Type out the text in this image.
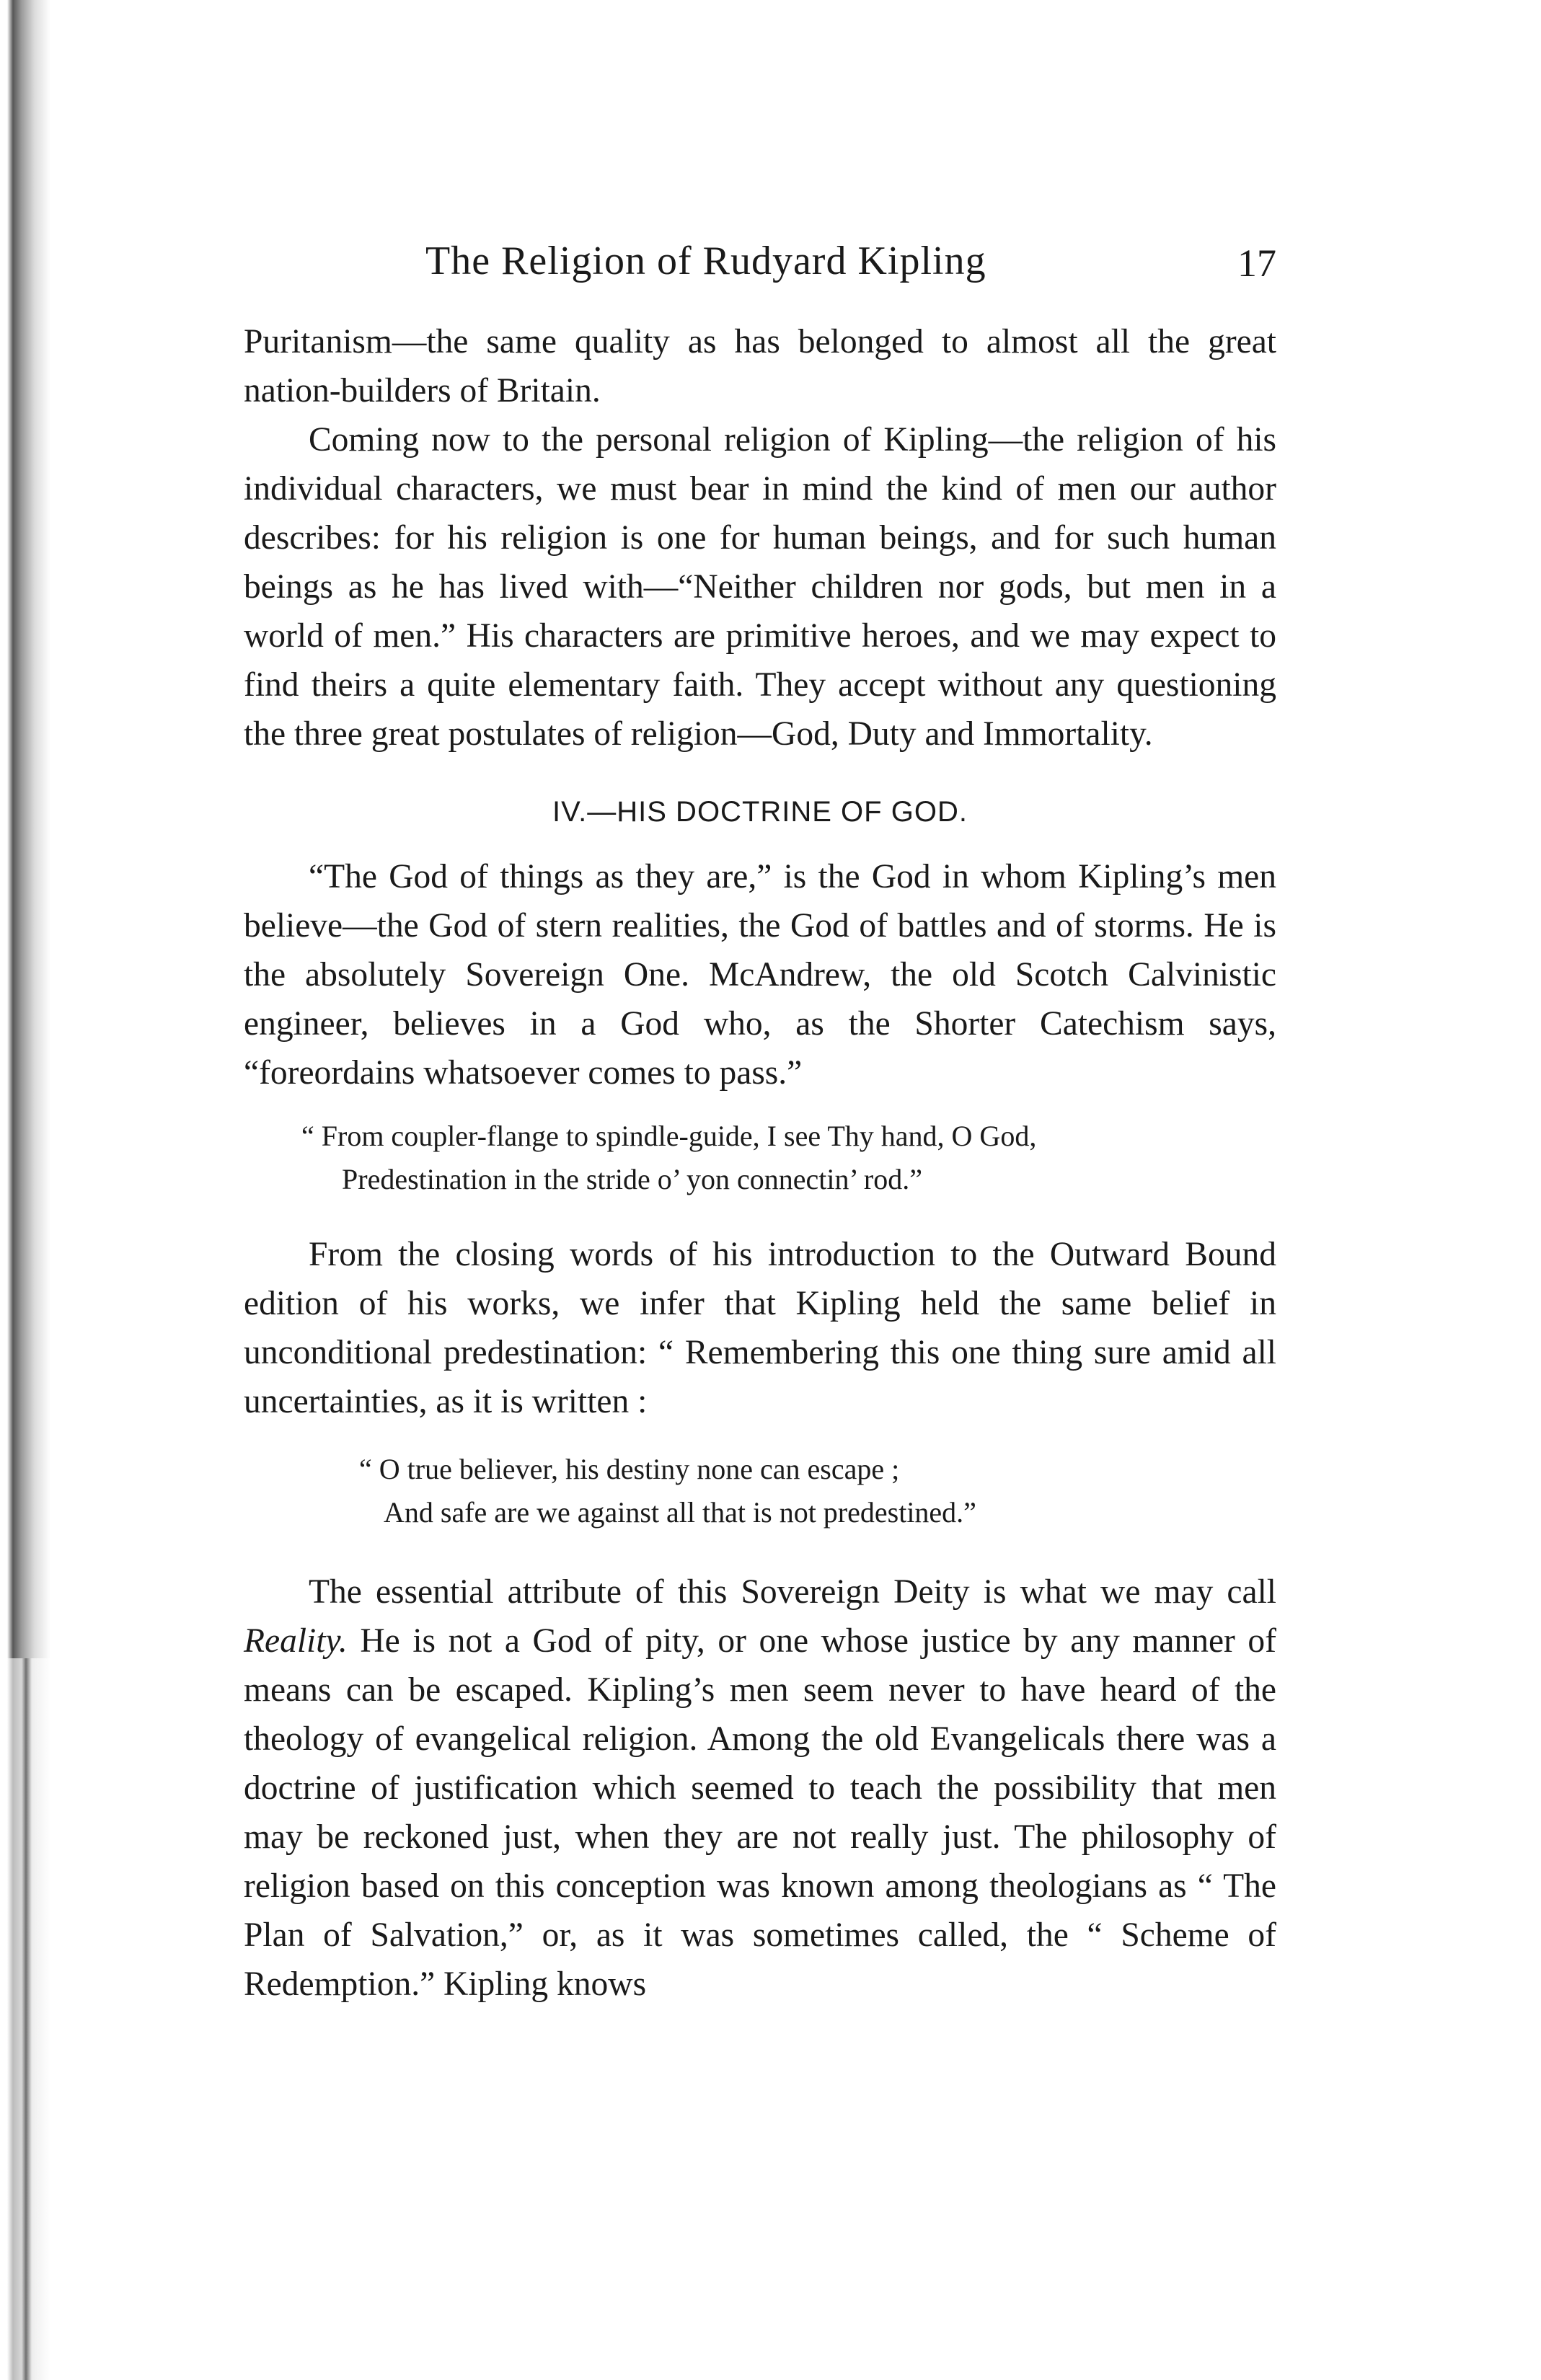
The Religion of Rudyard Kipling	17

Puritanism—the same quality as has belonged to almost all the great nation-builders of Britain.

Coming now to the personal religion of Kipling—the religion of his individual characters, we must bear in mind the kind of men our author describes: for his religion is one for human beings, and for such human beings as he has lived with—“Neither children nor gods, but men in a world of men.” His characters are primitive heroes, and we may expect to find theirs a quite elementary faith. They accept without any questioning the three great postulates of religion—God, Duty and Immortality.

IV.—HIS DOCTRINE OF GOD.

“The God of things as they are,” is the God in whom Kipling’s men believe—the God of stern realities, the God of battles and of storms. He is the absolutely Sovereign One. McAndrew, the old Scotch Calvinistic engineer, believes in a God who, as the Shorter Catechism says, “foreordains whatsoever comes to pass.”

“ From coupler-flange to spindle-guide, I see Thy hand, O God,
Predestination in the stride o’ yon connectin’ rod.”

From the closing words of his introduction to the Outward Bound edition of his works, we infer that Kipling held the same belief in unconditional predestination: “ Remembering this one thing sure amid all uncertainties, as it is written :

“ O true believer, his destiny none can escape ;
And safe are we against all that is not predestined.”

The essential attribute of this Sovereign Deity is what we may call Reality. He is not a God of pity, or one whose justice by any manner of means can be escaped. Kipling’s men seem never to have heard of the theology of evangelical religion. Among the old Evangelicals there was a doctrine of justification which seemed to teach the possibility that men may be reckoned just, when they are not really just. The philosophy of religion based on this conception was known among theologians as “ The Plan of Salvation,” or, as it was sometimes called, the “ Scheme of Redemption.” Kipling knows
